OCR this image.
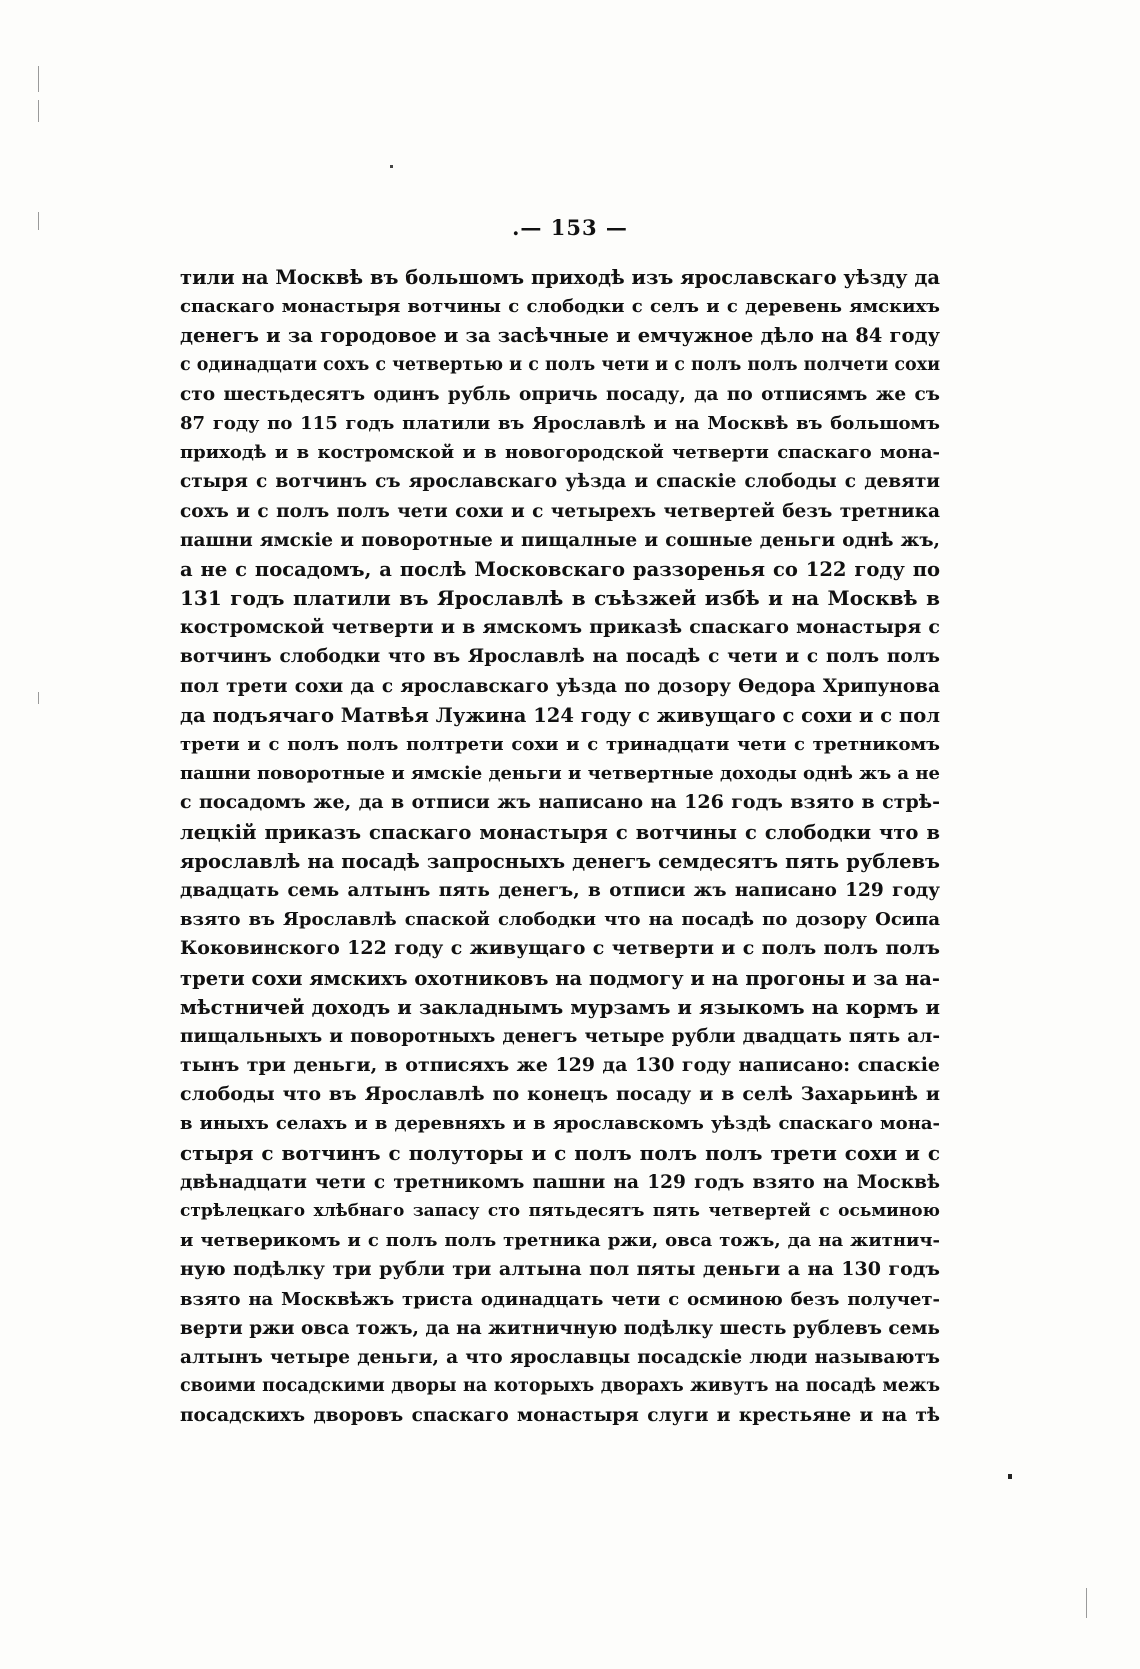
.— 153 —

тили на Москвѣ въ большомъ приходѣ изъ ярославскаго уѣзду да
спаскаго монастыря вотчины с слободки с селъ и с деревень ямскихъ
денегъ и за городовое и за засѣчные и емчужное дѣло на 84 году
с одинадцати сохъ с четвертью и с полъ чети и с полъ полъ полчети сохи
сто шестьдесятъ одинъ рубль опричь посаду, да по отписямъ же съ
87 году по 115 годъ платили въ Ярославлѣ и на Москвѣ въ большомъ
приходѣ и в костромской и в новогородской четверти спаскаго мона-
стыря с вотчинъ съ ярославскаго уѣзда и спаскіе слободы с девяти
сохъ и с полъ полъ чети сохи и с четырехъ четвертей безъ третника
пашни ямскіе и поворотные и пищалные и сошные деньги однѣ жъ,
а не с посадомъ, а послѣ Московскаго раззоренья со 122 году по
131 годъ платили въ Ярославлѣ в съѣзжей избѣ и на Москвѣ в
костромской четверти и в ямскомъ приказѣ спаскаго монастыря с
вотчинъ слободки что въ Ярославлѣ на посадѣ с чети и с полъ полъ
пол трети сохи да с ярославскаго уѣзда по дозору Ѳедора Хрипунова
да подъячаго Матвѣя Лужина 124 году с живущаго с сохи и с пол
трети и с полъ полъ полтрети сохи и с тринадцати чети с третникомъ
пашни поворотные и ямскіе деньги и четвертные доходы однѣ жъ а не
с посадомъ же, да в отписи жъ написано на 126 годъ взято в стрѣ-
лецкій приказъ спаскаго монастыря с вотчины с слободки что в
ярославлѣ на посадѣ запросныхъ денегъ семдесятъ пять рублевъ
двадцать семь алтынъ пять денегъ, в отписи жъ написано 129 году
взято въ Ярославлѣ спаской слободки что на посадѣ по дозору Осипа
Коковинского 122 году с живущаго с четверти и с полъ полъ полъ
трети сохи ямскихъ охотниковъ на подмогу и на прогоны и за на-
мѣстничей доходъ и закладнымъ мурзамъ и языкомъ на кормъ и
пищальныхъ и поворотныхъ денегъ четыре рубли двадцать пять ал-
тынъ три деньги, в отписяхъ же 129 да 130 году написано: спаскіе
слободы что въ Ярославлѣ по конецъ посаду и в селѣ Захарьинѣ и
в иныхъ селахъ и в деревняхъ и в ярославскомъ уѣздѣ спаскаго мона-
стыря с вотчинъ с полуторы и с полъ полъ полъ трети сохи и с
двѣнадцати чети с третникомъ пашни на 129 годъ взято на Москвѣ
стрѣлецкаго хлѣбнаго запасу сто пятьдесятъ пять четвертей с осьминою
и четверикомъ и с полъ полъ третника ржи, овса тожъ, да на житнич-
ную подѣлку три рубли три алтына пол пяты деньги а на 130 годъ
взято на Москвѣжъ триста одинадцать чети с осминою безъ получет-
верти ржи овса тожъ, да на житничную подѣлку шесть рублевъ семь
алтынъ четыре деньги, а что ярославцы посадскіе люди называютъ
своими посадскими дворы на которыхъ дворахъ живутъ на посадѣ межъ
посадскихъ дворовъ спаскаго монастыря слуги и крестьяне и на тѣ
